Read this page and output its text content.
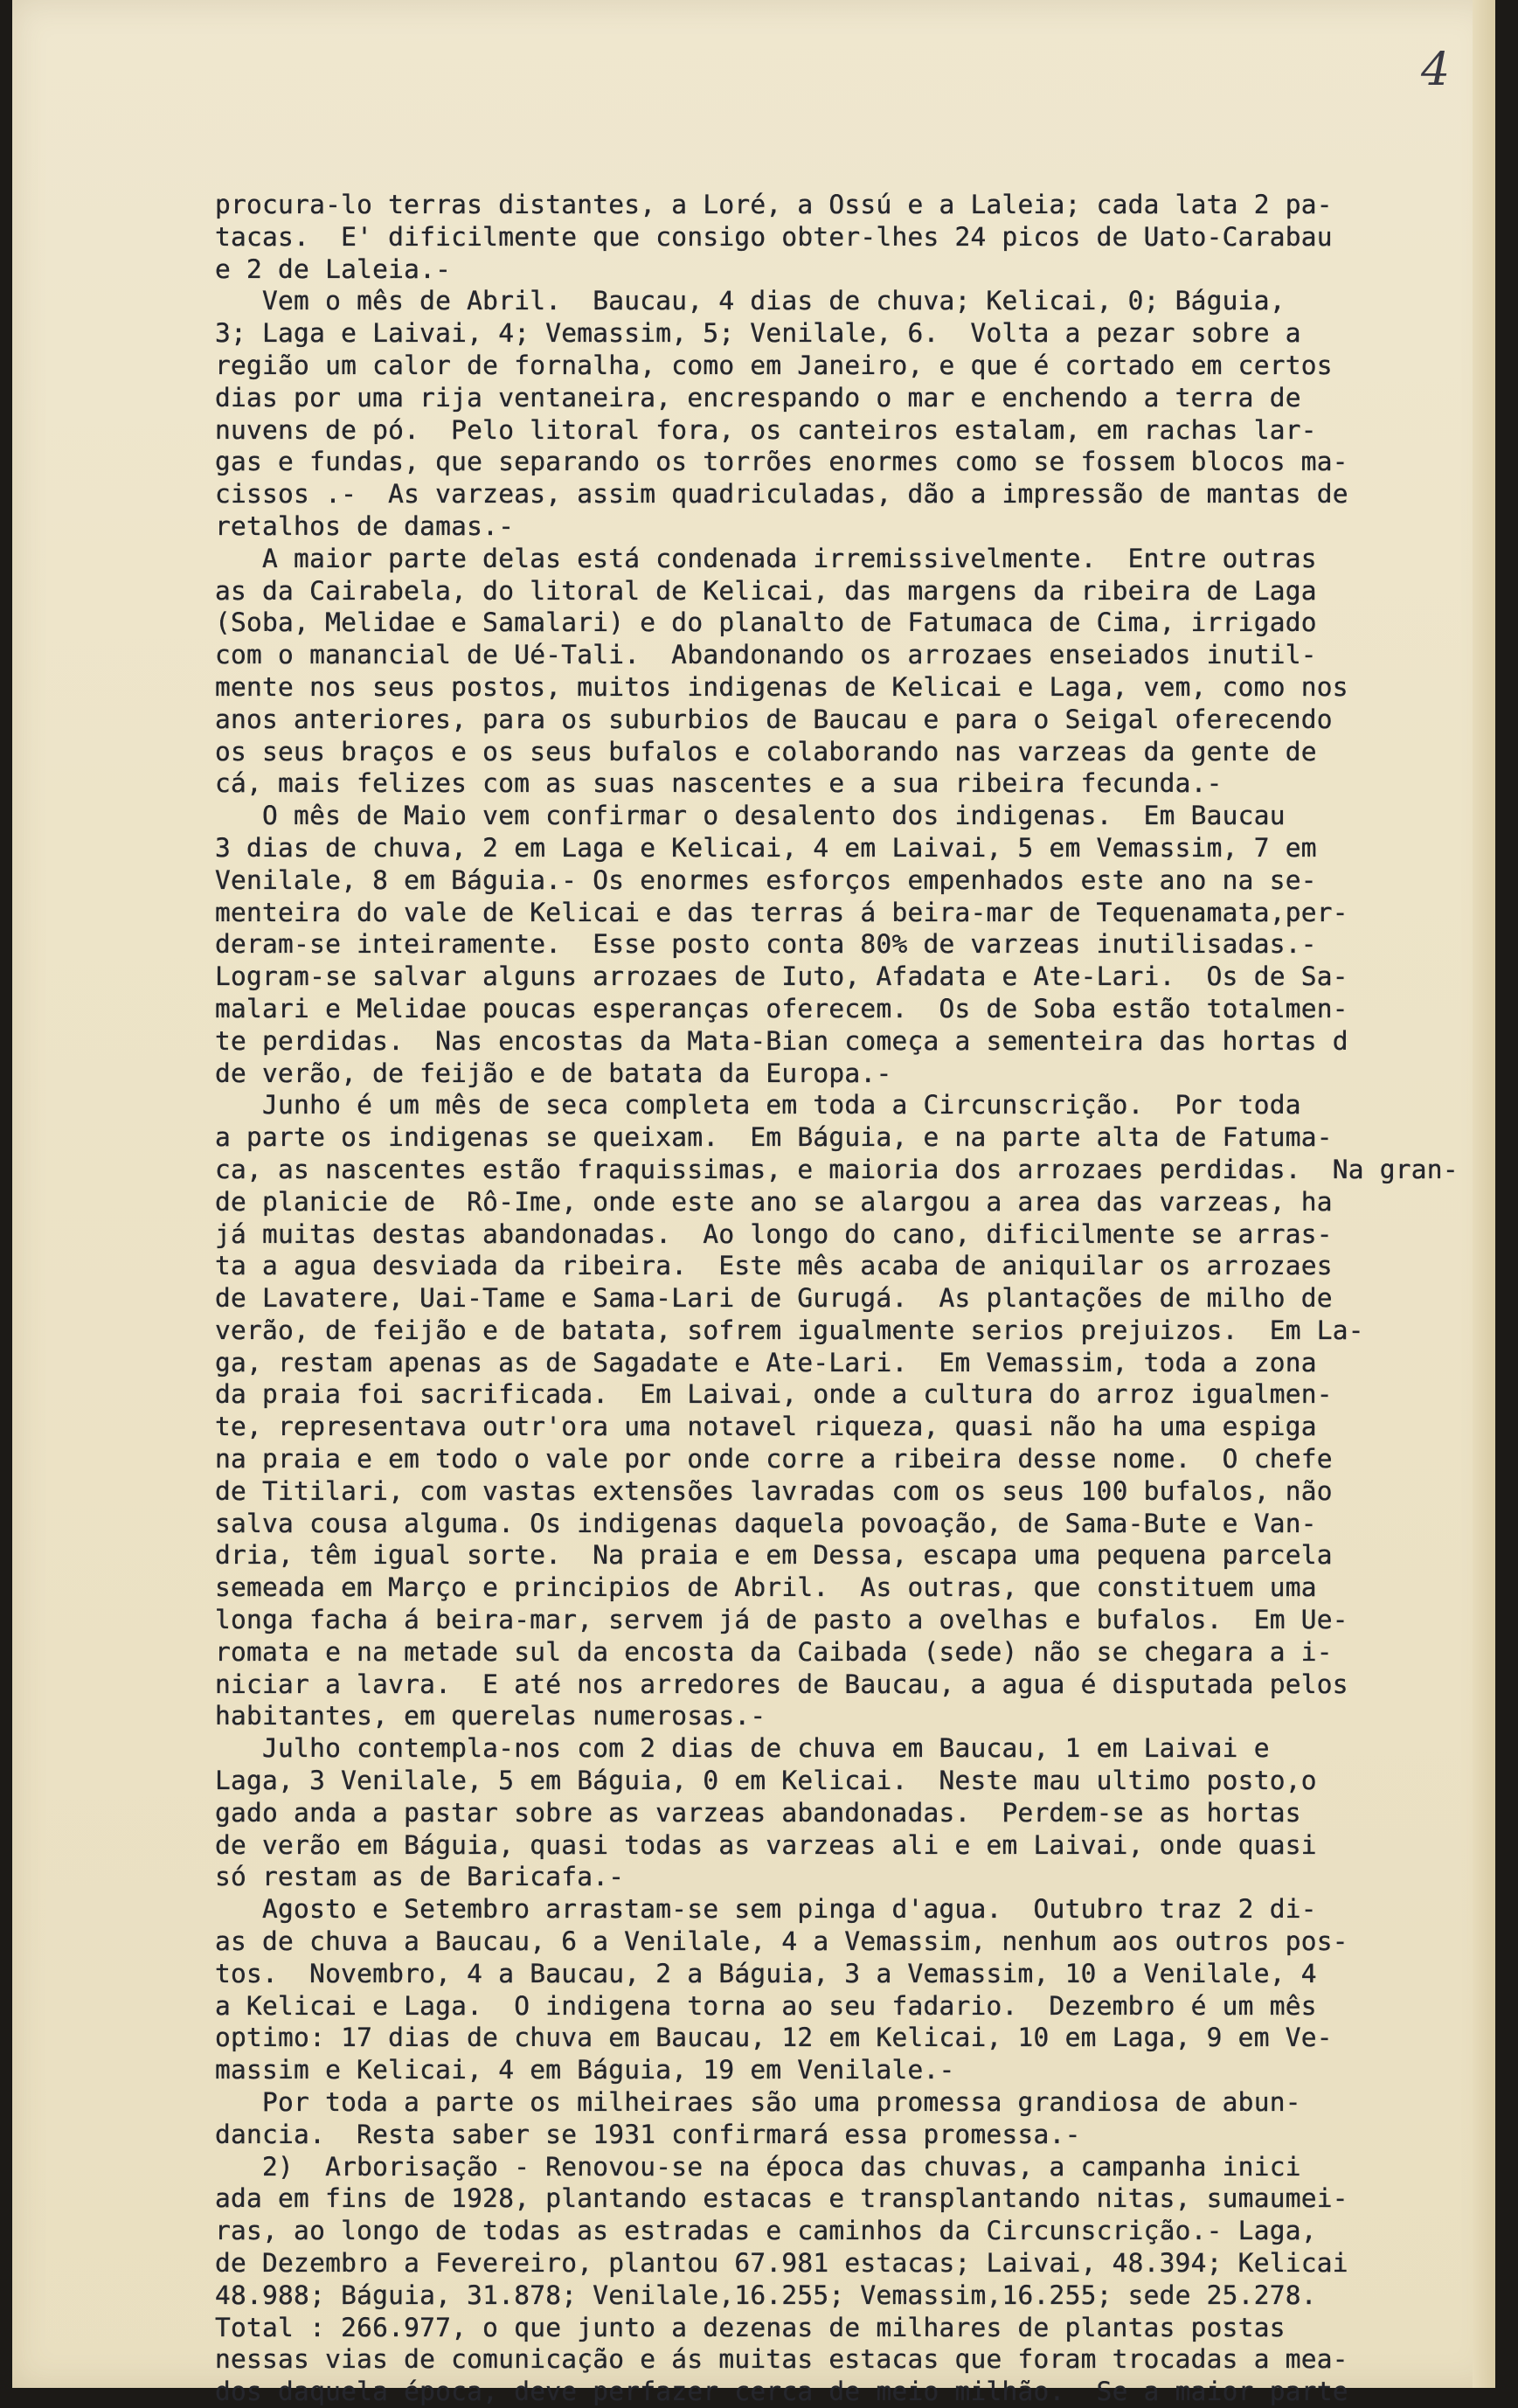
4
procura-lo terras distantes, a Loré, a Ossú e a Laleia; cada lata 2 pa-
tacas.  E' dificilmente que consigo obter-lhes 24 picos de Uato-Carabau
e 2 de Laleia.-
Vem o mês de Abril.  Baucau, 4 dias de chuva; Kelicai, 0; Báguia,
3; Laga e Laivai, 4; Vemassim, 5; Venilale, 6.  Volta a pezar sobre a
região um calor de fornalha, como em Janeiro, e que é cortado em certos
dias por uma rija ventaneira, encrespando o mar e enchendo a terra de
nuvens de pó.  Pelo litoral fora, os canteiros estalam, em rachas lar-
gas e fundas, que separando os torrões enormes como se fossem blocos ma-
cissos .-  As varzeas, assim quadriculadas, dão a impressão de mantas de
retalhos de damas.-
A maior parte delas está condenada irremissivelmente.  Entre outras
as da Cairabela, do litoral de Kelicai, das margens da ribeira de Laga
(Soba, Melidae e Samalari) e do planalto de Fatumaca de Cima, irrigado
com o manancial de Ué-Tali.  Abandonando os arrozaes enseiados inutil-
mente nos seus postos, muitos indigenas de Kelicai e Laga, vem, como nos
anos anteriores, para os suburbios de Baucau e para o Seigal oferecendo
os seus braços e os seus bufalos e colaborando nas varzeas da gente de
cá, mais felizes com as suas nascentes e a sua ribeira fecunda.-
O mês de Maio vem confirmar o desalento dos indigenas.  Em Baucau
3 dias de chuva, 2 em Laga e Kelicai, 4 em Laivai, 5 em Vemassim, 7 em
Venilale, 8 em Báguia.- Os enormes esforços empenhados este ano na se-
menteira do vale de Kelicai e das terras á beira-mar de Tequenamata,per-
deram-se inteiramente.  Esse posto conta 80% de varzeas inutilisadas.-
Logram-se salvar alguns arrozaes de Iuto, Afadata e Ate-Lari.  Os de Sa-
malari e Melidae poucas esperanças oferecem.  Os de Soba estão totalmen-
te perdidas.  Nas encostas da Mata-Bian começa a sementeira das hortas d
de verão, de feijão e de batata da Europa.-
Junho é um mês de seca completa em toda a Circunscrição.  Por toda
a parte os indigenas se queixam.  Em Báguia, e na parte alta de Fatuma-
ca, as nascentes estão fraquissimas, e maioria dos arrozaes perdidas.  Na gran-
de planicie de  Rô-Ime, onde este ano se alargou a area das varzeas, ha
já muitas destas abandonadas.  Ao longo do cano, dificilmente se arras-
ta a agua desviada da ribeira.  Este mês acaba de aniquilar os arrozaes
de Lavatere, Uai-Tame e Sama-Lari de Gurugá.  As plantações de milho de
verão, de feijão e de batata, sofrem igualmente serios prejuizos.  Em La-
ga, restam apenas as de Sagadate e Ate-Lari.  Em Vemassim, toda a zona
da praia foi sacrificada.  Em Laivai, onde a cultura do arroz igualmen-
te, representava outr'ora uma notavel riqueza, quasi não ha uma espiga
na praia e em todo o vale por onde corre a ribeira desse nome.  O chefe
de Titilari, com vastas extensões lavradas com os seus 100 bufalos, não
salva cousa alguma. Os indigenas daquela povoação, de Sama-Bute e Van-
dria, têm igual sorte.  Na praia e em Dessa, escapa uma pequena parcela
semeada em Março e principios de Abril.  As outras, que constituem uma
longa facha á beira-mar, servem já de pasto a ovelhas e bufalos.  Em Ue-
romata e na metade sul da encosta da Caibada (sede) não se chegara a i-
niciar a lavra.  E até nos arredores de Baucau, a agua é disputada pelos
habitantes, em querelas numerosas.-
Julho contempla-nos com 2 dias de chuva em Baucau, 1 em Laivai e
Laga, 3 Venilale, 5 em Báguia, 0 em Kelicai.  Neste mau ultimo posto,o
gado anda a pastar sobre as varzeas abandonadas.  Perdem-se as hortas
de verão em Báguia, quasi todas as varzeas ali e em Laivai, onde quasi
só restam as de Baricafa.-
Agosto e Setembro arrastam-se sem pinga d'agua.  Outubro traz 2 di-
as de chuva a Baucau, 6 a Venilale, 4 a Vemassim, nenhum aos outros pos-
tos.  Novembro, 4 a Baucau, 2 a Báguia, 3 a Vemassim, 10 a Venilale, 4
a Kelicai e Laga.  O indigena torna ao seu fadario.  Dezembro é um mês
optimo: 17 dias de chuva em Baucau, 12 em Kelicai, 10 em Laga, 9 em Ve-
massim e Kelicai, 4 em Báguia, 19 em Venilale.-
Por toda a parte os milheiraes são uma promessa grandiosa de abun-
dancia.  Resta saber se 1931 confirmará essa promessa.-
2)  Arborisação - Renovou-se na época das chuvas, a campanha inici
ada em fins de 1928, plantando estacas e transplantando nitas, sumaumei-
ras, ao longo de todas as estradas e caminhos da Circunscrição.- Laga,
de Dezembro a Fevereiro, plantou 67.981 estacas; Laivai, 48.394; Kelicai
48.988; Báguia, 31.878; Venilale,16.255; Vemassim,16.255; sede 25.278.
Total : 266.977, o que junto a dezenas de milhares de plantas postas
nessas vias de comunicação e ás muitas estacas que foram trocadas a mea-
dos daquela época, deve perfazer cerca de meio milhão.  Se a maior parte
